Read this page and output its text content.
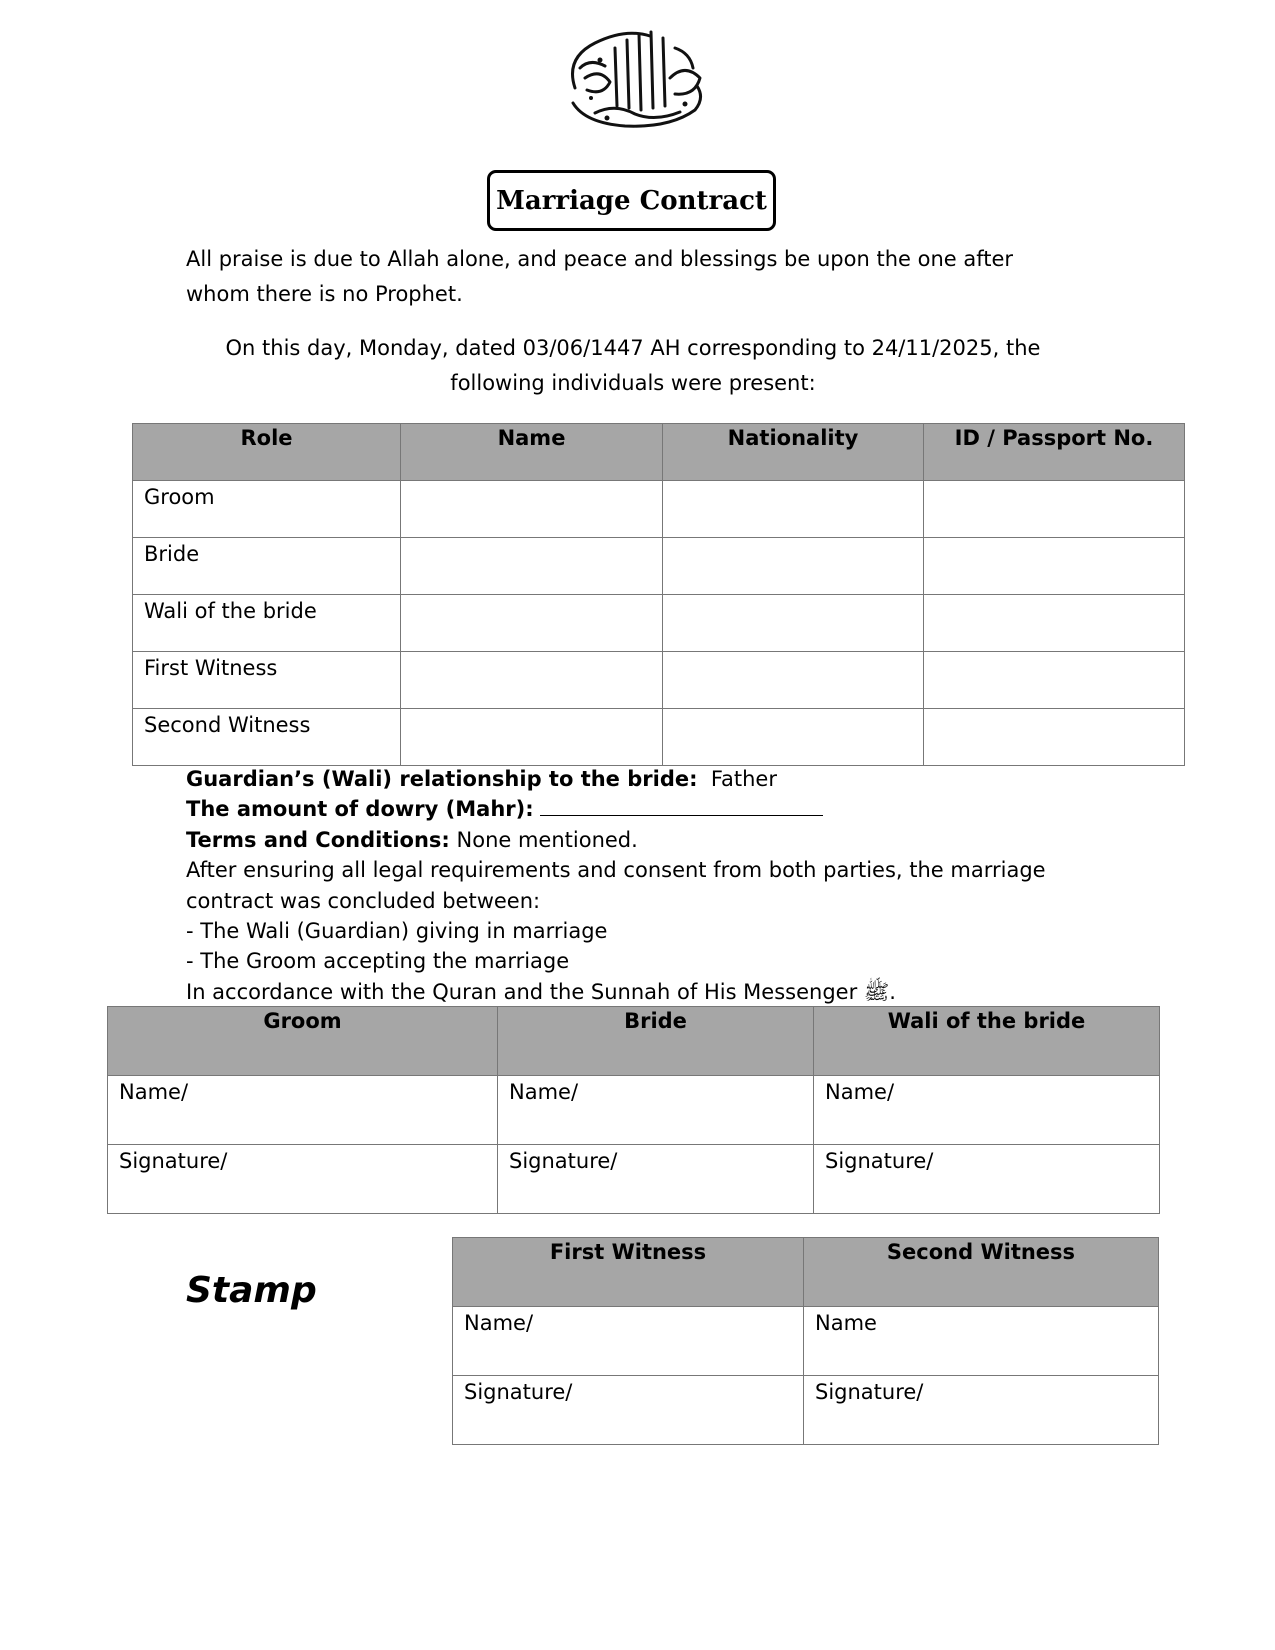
Marriage Contract
All praise is due to Allah alone, and peace and blessings be upon the one after whom there is no Prophet.
On this day, Monday, dated 03/06/1447 AH corresponding to 24/11/2025, the following individuals were present:
Role	Name	Nationality	ID / Passport No.
Groom			
Bride			
Wali of the bride			
First Witness			
Second Witness			
Guardian’s (Wali) relationship to the bride: Father
The amount of dowry (Mahr):
Terms and Conditions: None mentioned.
After ensuring all legal requirements and consent from both parties, the marriage contract was concluded between:
- The Wali (Guardian) giving in marriage
- The Groom accepting the marriage
In accordance with the Quran and the Sunnah of His Messenger ﷺ.
Groom	Bride	Wali of the bride
Name/	Name/	Name/
Signature/	Signature/	Signature/
Stamp
First Witness	Second Witness
Name/	Name
Signature/	Signature/
